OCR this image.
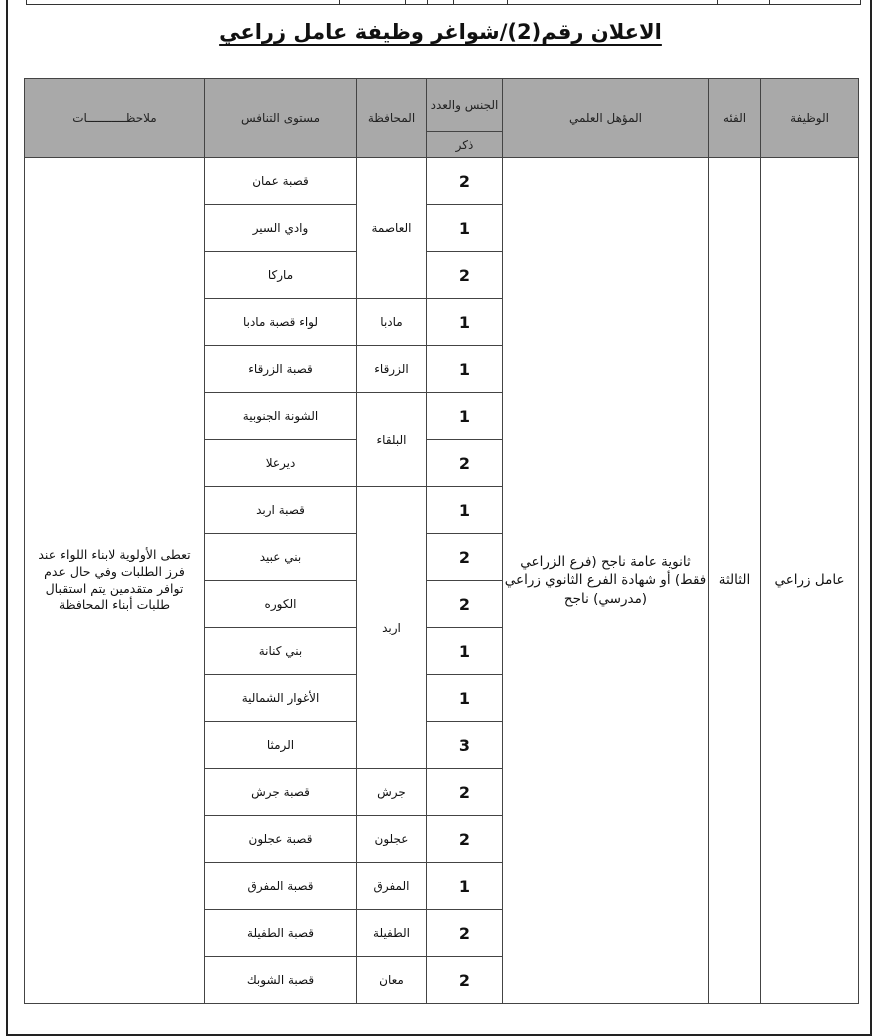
الاعلان رقم(2)/شواغر وظيفة عامل زراعي
الوظيفة	الفئه	المؤهل العلمي	الجنس والعدد	المحافظة	مستوى التنافس	ملاحظـــــــــــات
			ذكر			
عامل زراعي	الثالثة	ثانوية عامة ناجح (فرع الزراعي فقط) أو شهادة الفرع الثانوي زراعي (مدرسي) ناجح	2	العاصمة	قصبة عمان	تعطى الأولوية لابناء اللواء عند فرز الطلبات وفي حال عدم توافر متقدمين يتم استقبال طلبات أبناء المحافظة
			1		وادي السير	
			2		ماركا	
			1	مادبا	لواء قصبة مادبا	
			1	الزرقاء	قصبة الزرقاء	
			1	البلقاء	الشونة الجنوبية	
			2		ديرعلا	
			1	اربد	قصبة اربد	
			2		بني عبيد	
			2		الكوره	
			1		بني كنانة	
			1		الأغوار الشمالية	
			3		الرمثا	
			2	جرش	قصبة جرش	
			2	عجلون	قصبة عجلون	
			1	المفرق	قصبة المفرق	
			2	الطفيلة	قصبة الطفيلة	
			2	معان	قصبة الشوبك	
